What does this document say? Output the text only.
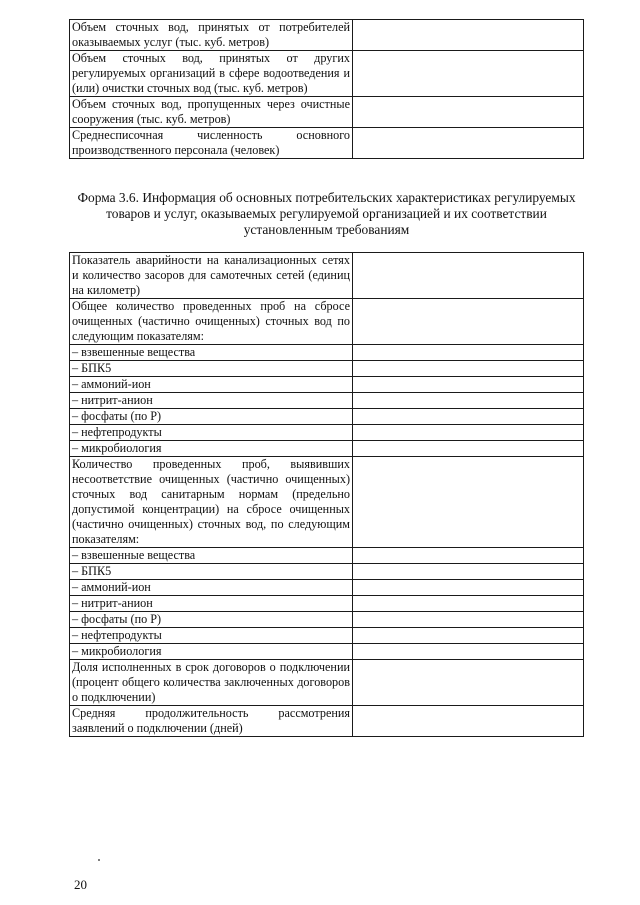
Объем сточных вод, принятых от потребителей оказываемых услуг (тыс. куб. метров)	
Объем сточных вод, принятых от других регулируемых организаций в сфере водоотведения и (или) очистки сточных вод (тыс. куб. метров)	
Объем сточных вод, пропущенных через очистные сооружения (тыс. куб. метров)	
Среднесписочная численность основного производственного персонала (человек)	
Форма 3.6. Информация об основных потребительских характеристиках регулируемых товаров и услуг, оказываемых регулируемой организацией и их соответствии установленным требованиям
Показатель аварийности на канализационных сетях и количество засоров для самотечных сетей (единиц на километр)	
Общее количество проведенных проб на сбросе очищенных (частично очищенных) сточных вод по следующим показателям:	
– взвешенные вещества	
– БПК5	
– аммоний-ион	
– нитрит-анион	
– фосфаты (по Р)	
– нефтепродукты	
– микробиология	
Количество проведенных проб, выявивших несоответствие очищенных (частично очищенных) сточных вод санитарным нормам (предельно допустимой концентрации) на сбросе очищенных (частично очищенных) сточных вод, по следующим показателям:	
– взвешенные вещества	
– БПК5	
– аммоний-ион	
– нитрит-анион	
– фосфаты (по Р)	
– нефтепродукты	
– микробиология	
Доля исполненных в срок договоров о подключении (процент общего количества заключенных договоров о подключении)	
Средняя продолжительность рассмотрения заявлений о подключении (дней)	
20
